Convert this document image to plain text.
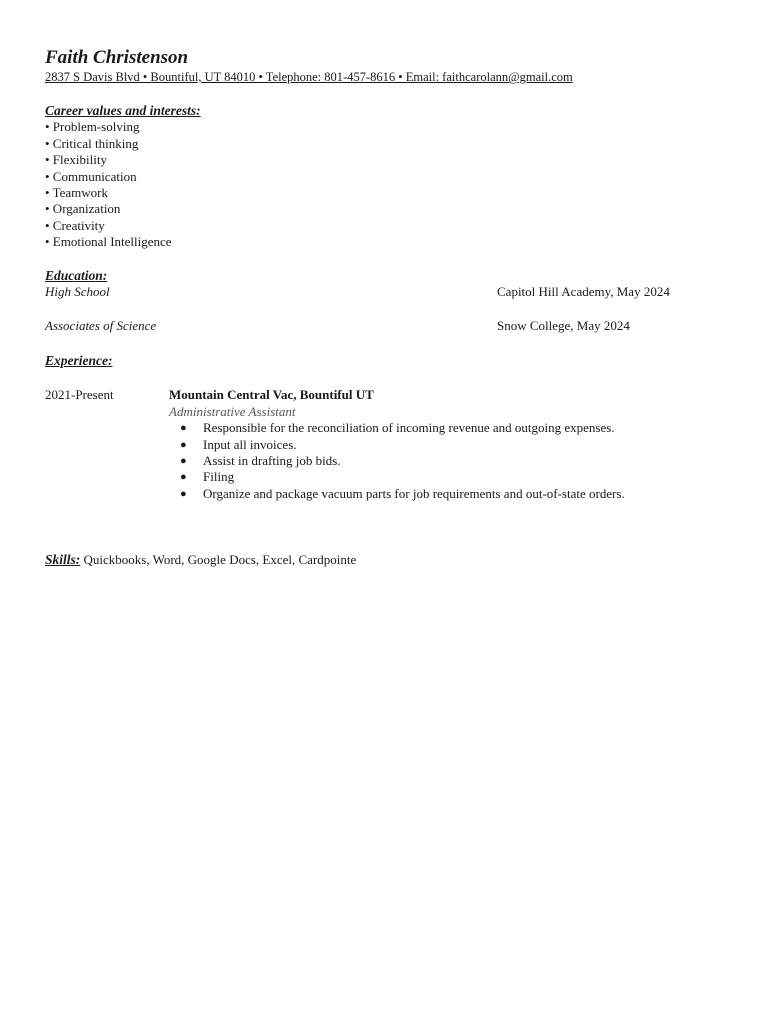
Faith Christenson
2837 S Davis Blvd • Bountiful, UT 84010 • Telephone: 801-457-8616 • Email: faithcarolann@gmail.com
Career values and interests:
• Problem-solving
• Critical thinking
• Flexibility
• Communication
• Teamwork
• Organization
• Creativity
• Emotional Intelligence
Education:
High School	Capitol Hill Academy, May 2024
Associates of Science	Snow College, May 2024
Experience:
2021-Present	Mountain Central Vac, Bountiful UT
Administrative Assistant
●	Responsible for the reconciliation of incoming revenue and outgoing expenses.
●	Input all invoices.
●	Assist in drafting job bids.
●	Filing
●	Organize and package vacuum parts for job requirements and out-of-state orders.
Skills: Quickbooks, Word, Google Docs, Excel, Cardpointe
